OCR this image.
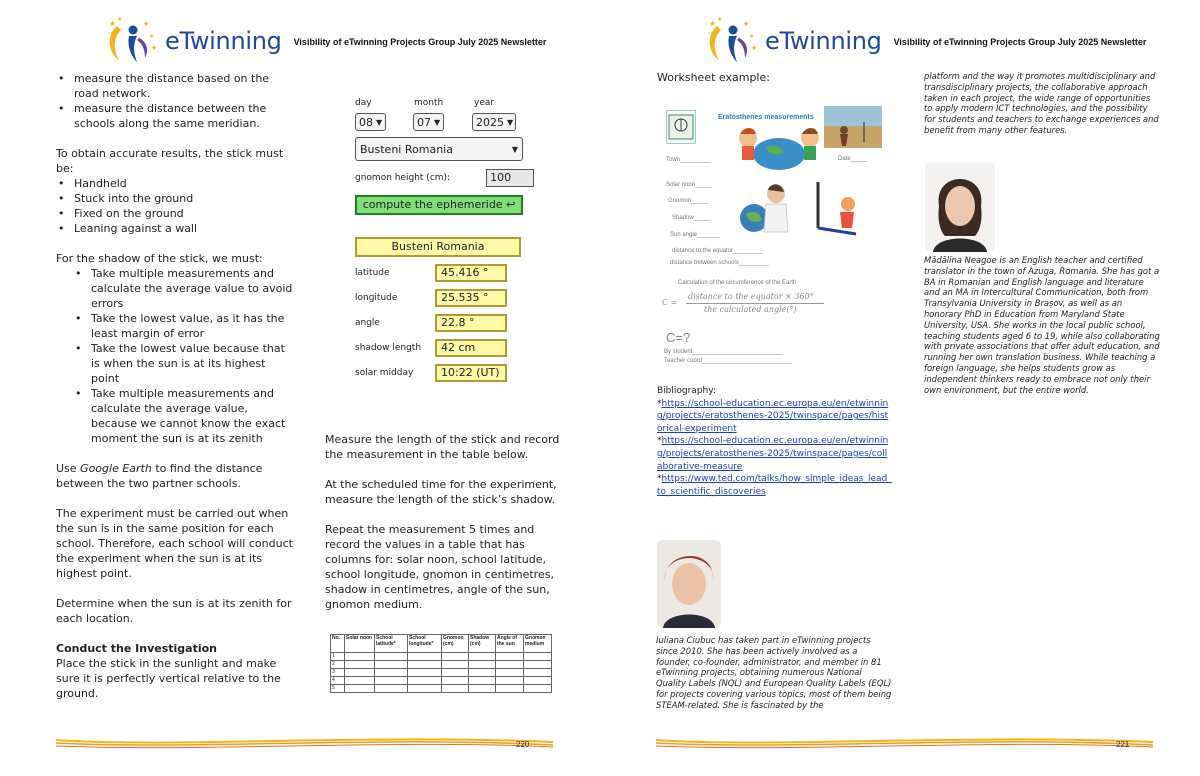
★ ★
★
★
★ eTwinning Visibility of eTwinning Projects Group July 2025 Newsletter
• measure the distance based on the road network.
• measure the distance between the schools along the same meridian.
To obtain accurate results, the stick must be:
• Handheld
• Stuck into the ground
• Fixed on the ground
• Leaning against a wall
For the shadow of the stick, we must:
• Take multiple measurements and calculate the average value to avoid errors
• Take the lowest value, as it has the least margin of error
• Take the lowest value because that is when the sun is at its highest point
• Take multiple measurements and calculate the average value, because we cannot know the exact moment the sun is at its zenith
Use Google Earth to find the distance between the two partner schools.
The experiment must be carried out when the sun is in the same position for each school. Therefore, each school will conduct the experiment when the sun is at its highest point.
Determine when the sun is at its zenith for each location.
Conduct the Investigation
Place the stick in the sunlight and make sure it is perfectly vertical relative to the ground.
day	month	year
08 ▼	07 ▼	2025 ▼
Busteni Romania	▼
gnomon height (cm):	100
compute the ephemeride ↩
Busteni Romania
latitude	45.416 °
longitude	25.535 °
angle	22.8 °
shadow length	42 cm
solar midday	10:22 (UT)
Measure the length of the stick and record the measurement in the table below.
At the scheduled time for the experiment, measure the length of the stick’s shadow.
Repeat the measurement 5 times and record the values in a table that has columns for: solar noon, school latitude, school longitude, gnomon in centimetres, shadow in centimetres, angle of the sun, gnomon medium.
No.	Solar noon	School latitude*	School longitude*	Gnomon (cm)	Shadow (cm)	Angle of the sun	Gnomon medium
1							
2							
3							
4							
5							
220
★ ★
★
★
★ eTwinning Visibility of eTwinning Projects Group July 2025 Newsletter
221
Worksheet example:
Eratosthenes measurements
Town_________	Date_____
Solar noon_____
Gnomon_____
Shadow_____
Sun angle_______
distance to the equator_________
distance between schools_________
Calculation of the circumference of the Earth
C =
distance to the equator × 360°
the calculated angle(°)
C=?
By student___________________________
Teacher coord___________________________
Bibliography:
*https://school-education.ec.europa.eu/en/etwinning/projects/eratosthenes-2025/twinspace/pages/historical-experiment
*https://school-education.ec.europa.eu/en/etwinning/projects/eratosthenes-2025/twinspace/pages/collaborative-measure
*https://www.ted.com/talks/how_simple_ideas_lead_to_scientific_discoveries
Iuliana Ciubuc has taken part in eTwinning projects since 2010. She has been actively involved as a founder, co-founder, administrator, and member in 81 eTwinning projects, obtaining numerous National Quality Labels (NQL) and European Quality Labels (EQL) for projects covering various topics, most of them being STEAM-related. She is fascinated by the
platform and the way it promotes multidisciplinary and transdisciplinary projects, the collaborative approach taken in each project, the wide range of opportunities to apply modern ICT technologies, and the possibility for students and teachers to exchange experiences and benefit from many other features.
Mădălina Neagoe is an English teacher and certified translator in the town of Azuga, Romania. She has got a BA in Romanian and English language and literature and an MA in Intercultural Communication, both from Transylvania University in Brașov, as well as an honorary PhD in Education from Maryland State University, USA. She works in the local public school, teaching students aged 6 to 19, while also collaborating with private associations that offer adult education, and running her own translation business. While teaching a foreign language, she helps students grow as independent thinkers ready to embrace not only their own environment, but the entire world.
